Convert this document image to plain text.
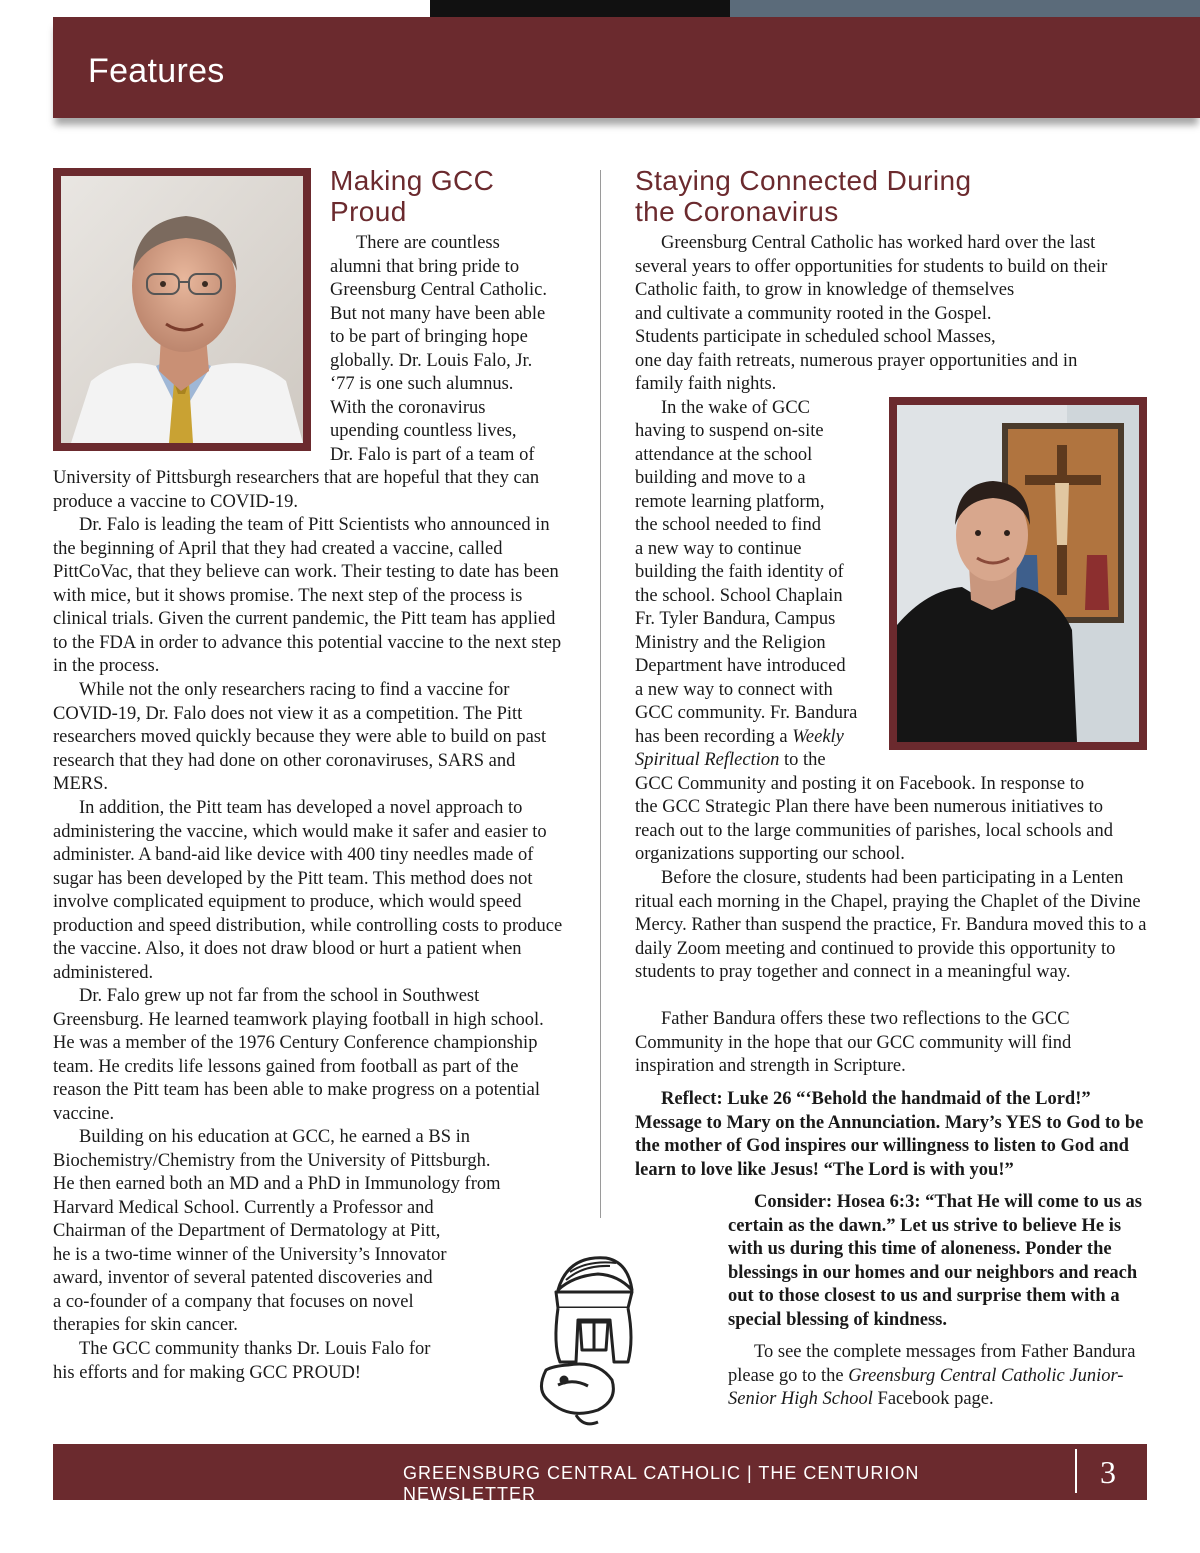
Features
Making GCC
Proud
There are countless
alumni that bring pride to
Greensburg Central Catholic.
But not many have been able
to be part of bringing hope
globally. Dr. Louis Falo, Jr.
‘77 is one such alumnus.
With the coronavirus
upending countless lives,
Dr. Falo is part of a team of

University of Pittsburgh researchers that are hopeful that they can produce a vaccine to COVID-19.

Dr. Falo is leading the team of Pitt Scientists who announced in the beginning of April that they had created a vaccine, called PittCoVac, that they believe can work. Their testing to date has been with mice, but it shows promise. The next step of the process is clinical trials. Given the current pandemic, the Pitt team has applied to the FDA in order to advance this potential vaccine to the next step in the process.

While not the only researchers racing to find a vaccine for COVID-19, Dr. Falo does not view it as a competition. The Pitt researchers moved quickly because they were able to build on past research that they had done on other coronaviruses, SARS and MERS.

In addition, the Pitt team has developed a novel approach to administering the vaccine, which would make it safer and easier to administer. A band-aid like device with 400 tiny needles made of sugar has been developed by the Pitt team. This method does not involve complicated equipment to produce, which would speed production and speed distribution, while controlling costs to produce the vaccine. Also, it does not draw blood or hurt a patient when administered.

Dr. Falo grew up not far from the school in Southwest Greensburg. He learned teamwork playing football in high school. He was a member of the 1976 Century Conference championship team. He credits life lessons gained from football as part of the reason the Pitt team has been able to make progress on a potential vaccine.

Building on his education at GCC, he earned a BS in
Biochemistry/Chemistry from the University of Pittsburgh.
He then earned both an MD and a PhD in Immunology from
Harvard Medical School. Currently a Professor and
Chairman of the Department of Dermatology at Pitt,
he is a two-time winner of the University’s Innovator
award, inventor of several patented discoveries and
a co-founder of a company that focuses on novel
therapies for skin cancer.
The GCC community thanks Dr. Louis Falo for
his efforts and for making GCC PROUD!
Staying Connected During
the Coronavirus
Greensburg Central Catholic has worked hard over the last
several years to offer opportunities for students to build on their
Catholic faith, to grow in knowledge of themselves
and cultivate a community rooted in the Gospel.
Students participate in scheduled school Masses,
one day faith retreats, numerous prayer opportunities and in
family faith nights.
In the wake of GCC
having to suspend on-site
attendance at the school
building and move to a
remote learning platform,
the school needed to find
a new way to continue
building the faith identity of
the school. School Chaplain
Fr. Tyler Bandura, Campus
Ministry and the Religion
Department have introduced
a new way to connect with
GCC community. Fr. Bandura
has been recording a Weekly
Spiritual Reflection to the
GCC Community and posting it on Facebook. In response to
the GCC Strategic Plan there have been numerous initiatives to
reach out to the large communities of parishes, local schools and
organizations supporting our school.

Before the closure, students had been participating in a Lenten ritual each morning in the Chapel, praying the Chaplet of the Divine Mercy. Rather than suspend the practice, Fr. Bandura moved this to a daily Zoom meeting and continued to provide this opportunity to students to pray together and connect in a meaningful way.

Father Bandura offers these two reflections to the GCC Community in the hope that our GCC community will find inspiration and strength in Scripture.

Reflect: Luke 26 “‘Behold the handmaid of the Lord!” Message to Mary on the Annunciation. Mary’s YES to God to be the mother of God inspires our willingness to listen to God and learn to love like Jesus! “The Lord is with you!”

Consider: Hosea 6:3: “That He will come to us as certain as the dawn.” Let us strive to believe He is with us during this time of aloneness. Ponder the blessings in our homes and our neighbors and reach out to those closest to us and surprise them with a special blessing of kindness.

To see the complete messages from Father Bandura please go to the Greensburg Central Catholic Junior-Senior High School Facebook page.

GREENSBURG CENTRAL CATHOLIC | THE CENTURION NEWSLETTER
3
